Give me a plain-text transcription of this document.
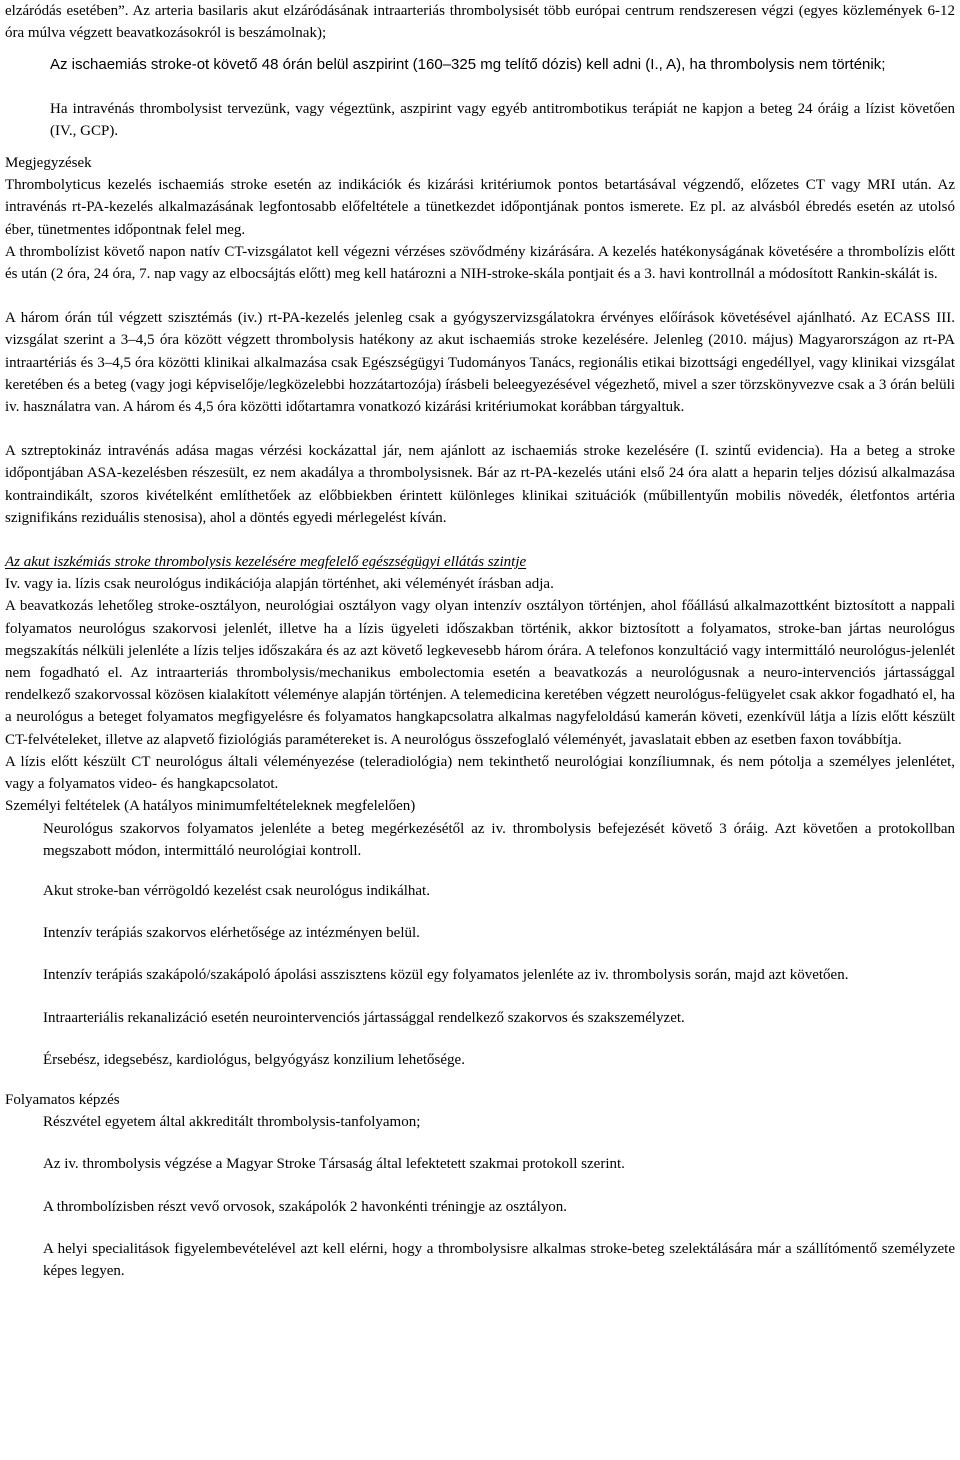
elzáródás esetében”. Az arteria basilaris akut elzáródásának intraarteriás thrombolysisét több európai centrum rendszeresen végzi (egyes közlemények 6-12 óra múlva végzett beavatkozásokról is beszámolnak);

Az ischaemiás stroke-ot követő 48 órán belül aszpirint (160–325 mg telítő dózis) kell adni (I., A), ha thrombolysis nem történik;

Ha intravénás thrombolysist tervezünk, vagy végeztünk, aszpirint vagy egyéb antitrombotikus terápiát ne kapjon a beteg 24 óráig a lízist követően (IV., GCP).

Megjegyzések

Thrombolyticus kezelés ischaemiás stroke esetén az indikációk és kizárási kritériumok pontos betartásával végzendő, előzetes CT vagy MRI után. Az intravénás rt-PA-kezelés alkalmazásának legfontosabb előfeltétele a tünetkezdet időpontjának pontos ismerete. Ez pl. az alvásból ébredés esetén az utolsó éber, tünetmentes időpontnak felel meg.

A thrombolízist követő napon natív CT-vizsgálatot kell végezni vérzéses szövődmény kizárására. A kezelés hatékonyságának követésére a thrombolízis előtt és után (2 óra, 24 óra, 7. nap vagy az elbocsájtás előtt) meg kell határozni a NIH-stroke-skála pontjait és a 3. havi kontrollnál a módosított Rankin-skálát is.

A három órán túl végzett szisztémás (iv.) rt-PA-kezelés jelenleg csak a gyógyszervizsgálatokra érvényes előírások követésével ajánlható. Az ECASS III. vizsgálat szerint a 3–4,5 óra között végzett thrombolysis hatékony az akut ischaemiás stroke kezelésére. Jelenleg (2010. május) Magyarországon az rt-PA intraartériás és 3–4,5 óra közötti klinikai alkalmazása csak Egészségügyi Tudományos Tanács, regionális etikai bizottsági engedéllyel, vagy klinikai vizsgálat keretében és a beteg (vagy jogi képviselője/legközelebbi hozzátartozója) írásbeli beleegyezésével végezhető, mivel a szer törzskönyvezve csak a 3 órán belüli iv. használatra van. A három és 4,5 óra közötti időtartamra vonatkozó kizárási kritériumokat korábban tárgyaltuk.

A sztreptokináz intravénás adása magas vérzési kockázattal jár, nem ajánlott az ischaemiás stroke kezelésére (I. szintű evidencia). Ha a beteg a stroke időpontjában ASA-kezelésben részesült, ez nem akadálya a thrombolysisnek. Bár az rt-PA-kezelés utáni első 24 óra alatt a heparin teljes dózisú alkalmazása kontraindikált, szoros kivételként említhetőek az előbbiekben érintett különleges klinikai szituációk (műbillentyűn mobilis növedék, életfontos artéria szignifikáns reziduális stenosisa), ahol a döntés egyedi mérlegelést kíván.

Az akut iszkémiás stroke thrombolysis kezelésére megfelelő egészségügyi ellátás szintje

Iv. vagy ia. lízis csak neurológus indikációja alapján történhet, aki véleményét írásban adja.

A beavatkozás lehetőleg stroke-osztályon, neurológiai osztályon vagy olyan intenzív osztályon történjen, ahol főállású alkalmazottként biztosított a nappali folyamatos neurológus szakorvosi jelenlét, illetve ha a lízis ügyeleti időszakban történik, akkor biztosított a folyamatos, stroke-ban jártas neurológus megszakítás nélküli jelenléte a lízis teljes időszakára és az azt követő legkevesebb három órára. A telefonos konzultáció vagy intermittáló neurológus-jelenlét nem fogadható el. Az intraarteriás thrombolysis/mechanikus embolectomia esetén a beavatkozás a neurológusnak a neuro-intervenciós jártassággal rendelkező szakorvossal közösen kialakított véleménye alapján történjen. A telemedicina keretében végzett neurológus-felügyelet csak akkor fogadható el, ha a neurológus a beteget folyamatos megfigyelésre és folyamatos hangkapcsolatra alkalmas nagyfeloldású kamerán követi, ezenkívül látja a lízis előtt készült CT-felvételeket, illetve az alapvető fiziológiás paramétereket is. A neurológus összefoglaló véleményét, javaslatait ebben az esetben faxon továbbítja.

A lízis előtt készült CT neurológus általi véleményezése (teleradiológia) nem tekinthető neurológiai konzíliumnak, és nem pótolja a személyes jelenlétet, vagy a folyamatos video- és hangkapcsolatot.

Személyi feltételek (A hatályos minimumfeltételeknek megfelelően)

Neurológus szakorvos folyamatos jelenléte a beteg megérkezésétől az iv. thrombolysis befejezését követő 3 óráig. Azt követően a protokollban megszabott módon, intermittáló neurológiai kontroll.

Akut stroke-ban vérrögoldó kezelést csak neurológus indikálhat.

Intenzív terápiás szakorvos elérhetősége az intézményen belül.

Intenzív terápiás szakápoló/szakápoló ápolási asszisztens közül egy folyamatos jelenléte az iv. thrombolysis során, majd azt követően.

Intraarteriális rekanalizáció esetén neurointervenciós jártassággal rendelkező szakorvos és szakszemélyzet.

Érsebész, idegsebész, kardiológus, belgyógyász konzilium lehetősége.

Folyamatos képzés

Részvétel egyetem által akkreditált thrombolysis-tanfolyamon;

Az iv. thrombolysis végzése a Magyar Stroke Társaság által lefektetett szakmai protokoll szerint.

A thrombolízisben részt vevő orvosok, szakápolók 2 havonkénti tréningje az osztályon.

A helyi specialitások figyelembevételével azt kell elérni, hogy a thrombolysisre alkalmas stroke-beteg szelektálására már a szállítómentő személyzete képes legyen.
